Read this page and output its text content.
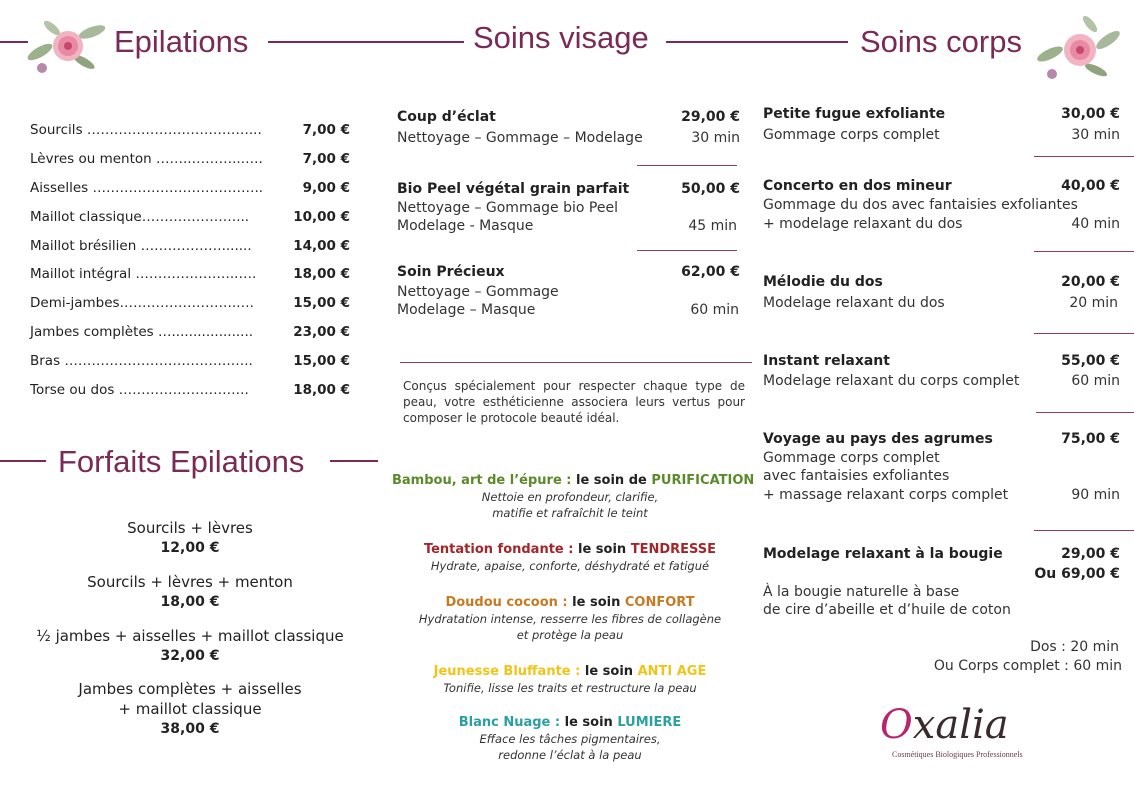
Epilations	Soins visage	Soins corps
Sourcils ………………………………...	7,00 €
Lèvres ou menton ……..………..…..	7,00 €
Aisselles ………………………………..	9,00 €
Maillot classique…………………...	10,00 €
Maillot brésilien ……………….......	14,00 €
Maillot intégral …………………..….	18,00 €
Demi-jambes……………………..….	15,00 €
Jambes complètes …...................	23,00 €
Bras ……………………………….…..	15,00 €
Torse ou dos ………………………..	18,00 €
Forfaits Epilations
Sourcils + lèvres
12,00 €
Sourcils + lèvres + menton
18,00 €
½ jambes + aisselles + maillot classique
32,00 €
Jambes complètes + aisselles
+ maillot classique
38,00 €
Coup d’éclat	29,00 €
Nettoyage – Gommage – Modelage	30 min
Bio Peel végétal grain parfait	50,00 €
Nettoyage – Gommage bio Peel
Modelage - Masque	45 min
Soin Précieux	62,00 €
Nettoyage – Gommage
Modelage – Masque	60 min
Conçus spécialement pour respecter chaque type de peau, votre esthéticienne associera leurs vertus pour composer le protocole beauté idéal.
Bambou, art de l’épure : le soin de PURIFICATION
Nettoie en profondeur, clarifie,
matifie et rafraîchit le teint
Tentation fondante : le soin TENDRESSE
Hydrate, apaise, conforte, déshydraté et fatigué
Doudou cocoon : le soin CONFORT
Hydratation intense, resserre les fibres de collagène
et protège la peau
Jeunesse Bluffante : le soin ANTI AGE
Tonifie, lisse les traits et restructure la peau
Blanc Nuage : le soin LUMIERE
Efface les tâches pigmentaires,
redonne l’éclat à la peau
Petite fugue exfoliante	30,00 €
Gommage corps complet	30 min
Concerto en dos mineur	40,00 €
Gommage du dos avec fantaisies exfoliantes
+ modelage relaxant du dos	40 min
Mélodie du dos	20,00 €
Modelage relaxant du dos	20 min
Instant relaxant	55,00 €
Modelage relaxant du corps complet	60 min
Voyage au pays des agrumes	75,00 €
Gommage corps complet
avec fantaisies exfoliantes
+ massage relaxant corps complet	90 min
Modelage relaxant à la bougie	29,00 €
Ou 69,00 €
À la bougie naturelle à base
de cire d’abeille et d’huile de coton
Dos : 20 min
Ou Corps complet : 60 min
Oxalia
Cosmétiques Biologiques Professionnels
